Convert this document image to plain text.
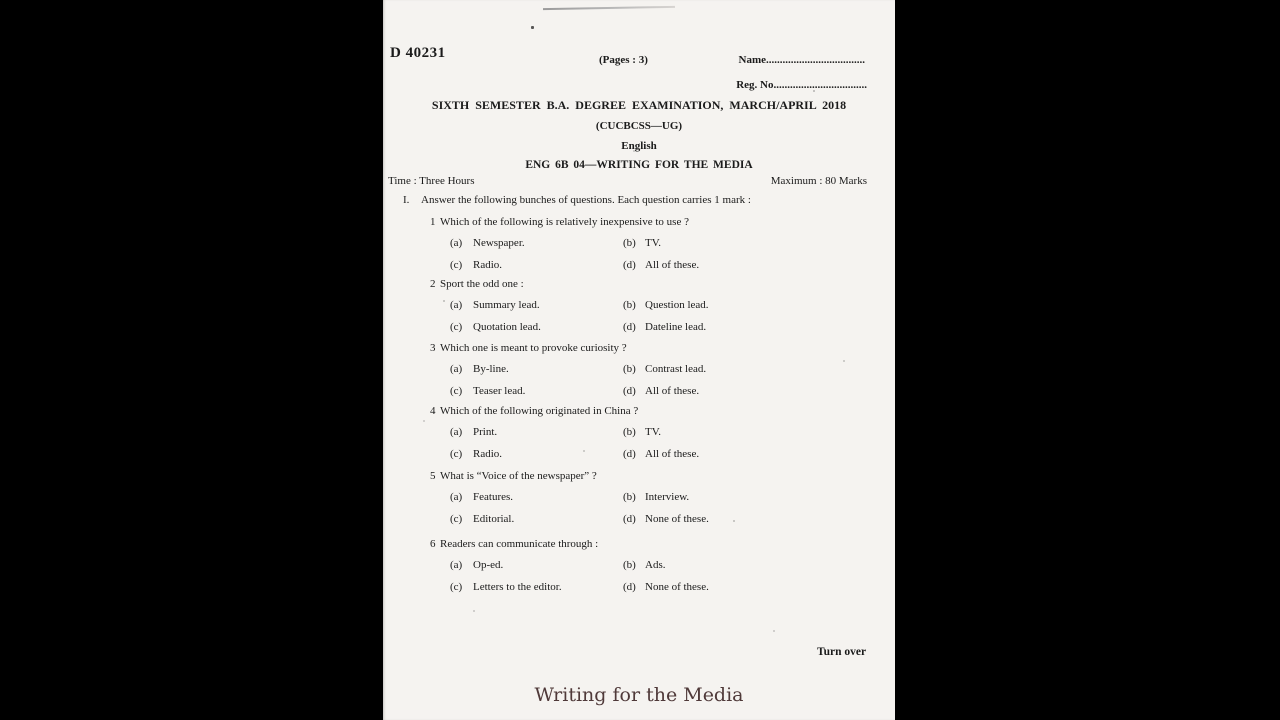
D 40231	(Pages : 3)	Name....................................
Reg. No..................................
SIXTH SEMESTER B.A. DEGREE EXAMINATION, MARCH/APRIL 2018
(CUCBCSS—UG)
English
ENG 6B 04—WRITING FOR THE MEDIA
Time : Three Hours	Maximum : 80 Marks
I. Answer the following bunches of questions. Each question carries 1 mark :
1 Which of the following is relatively inexpensive to use ?
(a) Newspaper.	(b) TV.
(c) Radio.	(d) All of these.
2 Sport the odd one :
(a) Summary lead.	(b) Question lead.
(c) Quotation lead.	(d) Dateline lead.
3 Which one is meant to provoke curiosity ?
(a) By-line.	(b) Contrast lead.
(c) Teaser lead.	(d) All of these.
4 Which of the following originated in China ?
(a) Print.	(b) TV.
(c) Radio.	(d) All of these.
5 What is “Voice of the newspaper” ?
(a) Features.	(b) Interview.
(c) Editorial.	(d) None of these.
6 Readers can communicate through :
(a) Op-ed.	(b) Ads.
(c) Letters to the editor.	(d) None of these.
Turn over
Writing for the Media
